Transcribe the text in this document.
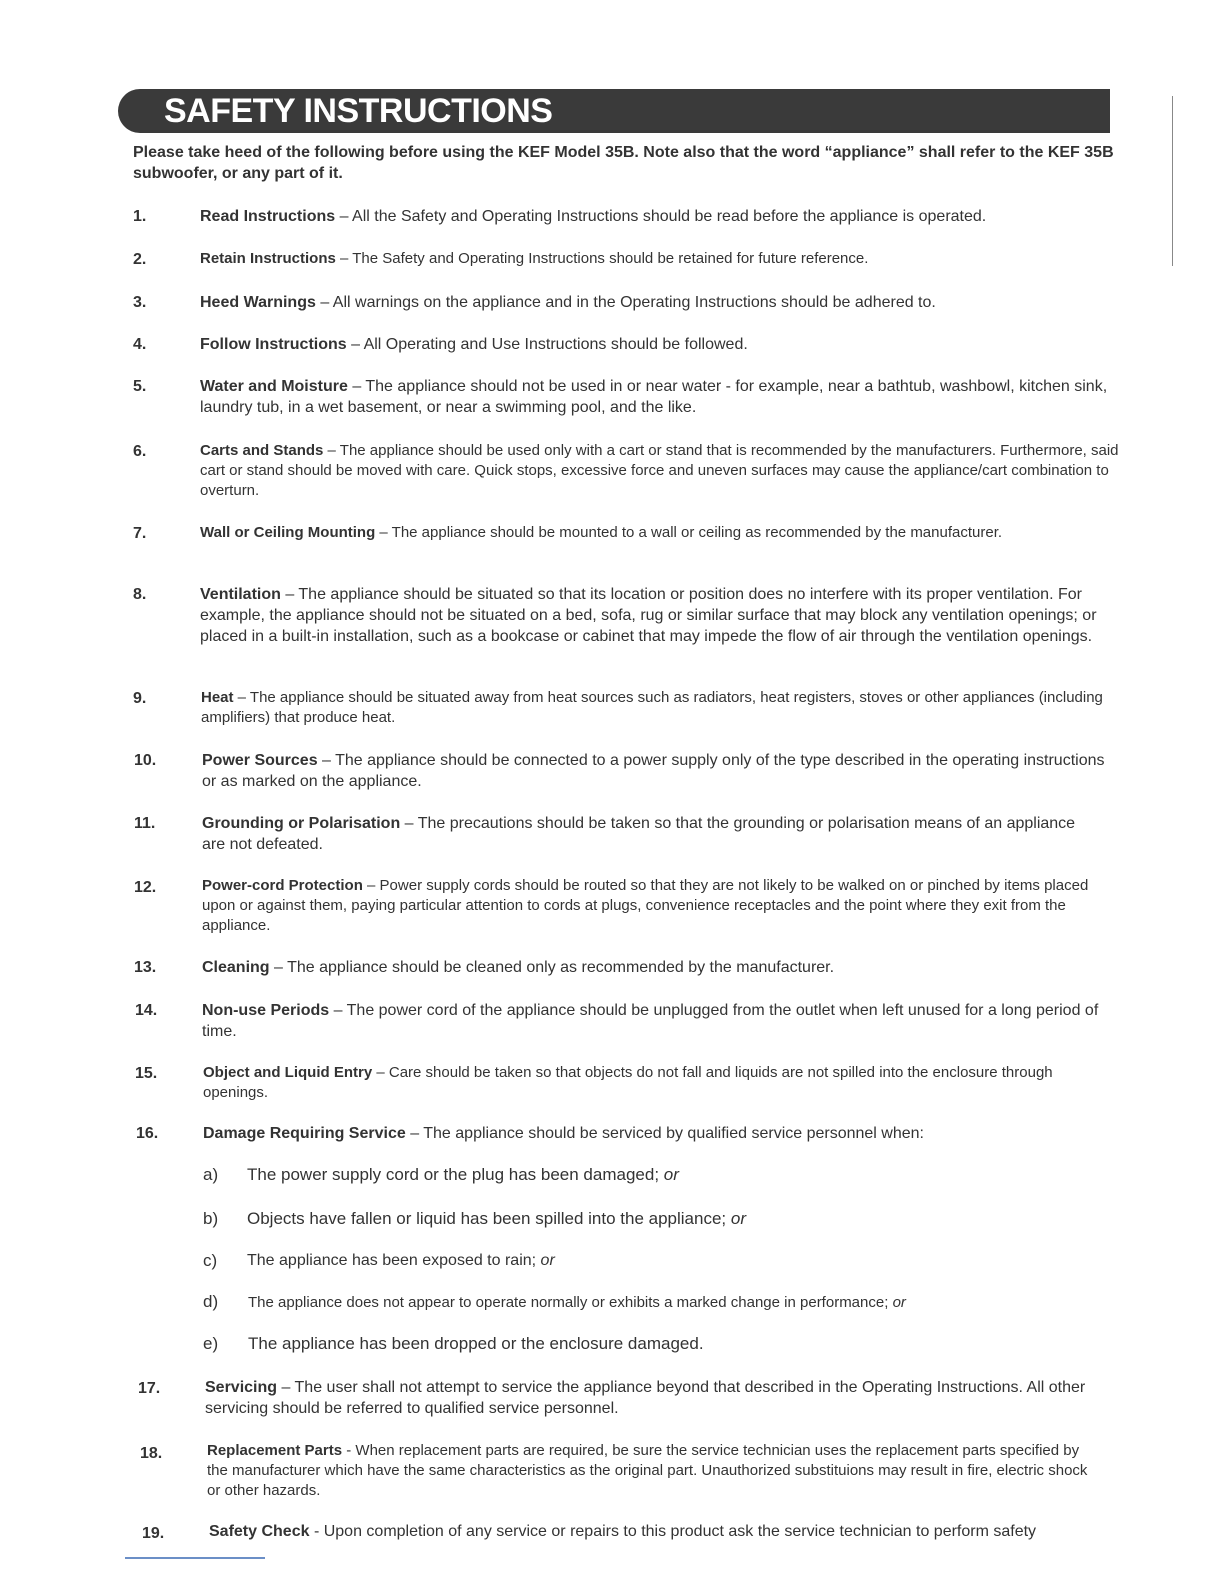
SAFETY INSTRUCTIONS
Please take heed of the following before using the KEF Model 35B. Note also that the word “appliance” shall refer to the KEF 35B subwoofer, or any part of it.
1.	Read Instructions – All the Safety and Operating Instructions should be read before the appliance is operated.
2.	Retain Instructions – The Safety and Operating Instructions should be retained for future reference.
3.	Heed Warnings – All warnings on the appliance and in the Operating Instructions should be adhered to.
4.	Follow Instructions – All Operating and Use Instructions should be followed.
5.	Water and Moisture – The appliance should not be used in or near water - for example, near a bathtub, washbowl, kitchen sink, laundry tub, in a wet basement, or near a swimming pool, and the like.
6.	Carts and Stands – The appliance should be used only with a cart or stand that is recommended by the manufacturers. Furthermore, said cart or stand should be moved with care. Quick stops, excessive force and uneven surfaces may cause the appliance/cart combination to overturn.
7.	Wall or Ceiling Mounting – The appliance should be mounted to a wall or ceiling as recommended by the manufacturer.
8.	Ventilation – The appliance should be situated so that its location or position does no interfere with its proper ventilation. For example, the appliance should not be situated on a bed, sofa, rug or similar surface that may block any ventilation openings; or placed in a built-in installation, such as a bookcase or cabinet that may impede the flow of air through the ventilation openings.
9.	Heat – The appliance should be situated away from heat sources such as radiators, heat registers, stoves or other appliances (including amplifiers) that produce heat.
10.	Power Sources – The appliance should be connected to a power supply only of the type described in the operating instructions or as marked on the appliance.
11.	Grounding or Polarisation – The precautions should be taken so that the grounding or polarisation means of an appliance are not defeated.
12.	Power-cord Protection – Power supply cords should be routed so that they are not likely to be walked on or pinched by items placed upon or against them, paying particular attention to cords at plugs, convenience receptacles and the point where they exit from the appliance.
13.	Cleaning – The appliance should be cleaned only as recommended by the manufacturer.
14.	Non-use Periods – The power cord of the appliance should be unplugged from the outlet when left unused for a long period of time.
15.	Object and Liquid Entry – Care should be taken so that objects do not fall and liquids are not spilled into the enclosure through openings.
16.	Damage Requiring Service – The appliance should be serviced by qualified service personnel when:
a) The power supply cord or the plug has been damaged; or
b) Objects have fallen or liquid has been spilled into the appliance; or
c) The appliance has been exposed to rain; or
d) The appliance does not appear to operate normally or exhibits a marked change in performance; or
e) The appliance has been dropped or the enclosure damaged.
17.	Servicing – The user shall not attempt to service the appliance beyond that described in the Operating Instructions. All other servicing should be referred to qualified service personnel.
18.	Replacement Parts - When replacement parts are required, be sure the service technician uses the replacement parts specified by the manufacturer which have the same characteristics as the original part. Unauthorized substituions may result in fire, electric shock or other hazards.
19.	Safety Check - Upon completion of any service or repairs to this product ask the service technician to perform safety
